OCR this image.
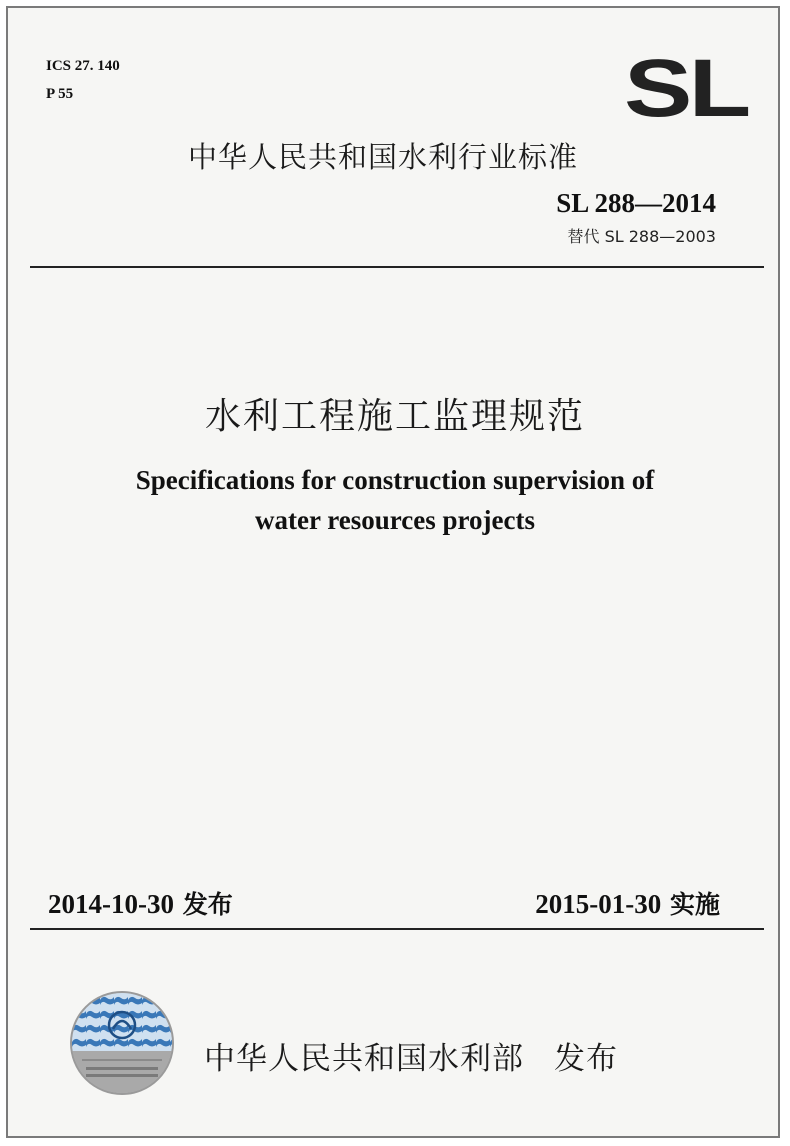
ICS 27. 140
P 55	SL
中华人民共和国水利行业标准
SL 288—2014
替代 SL 288—2003
水利工程施工监理规范
Specifications for construction supervision of
water resources projects
2014-10-30 发布	2015-01-30 实施
中华人民共和国水利部 发布
